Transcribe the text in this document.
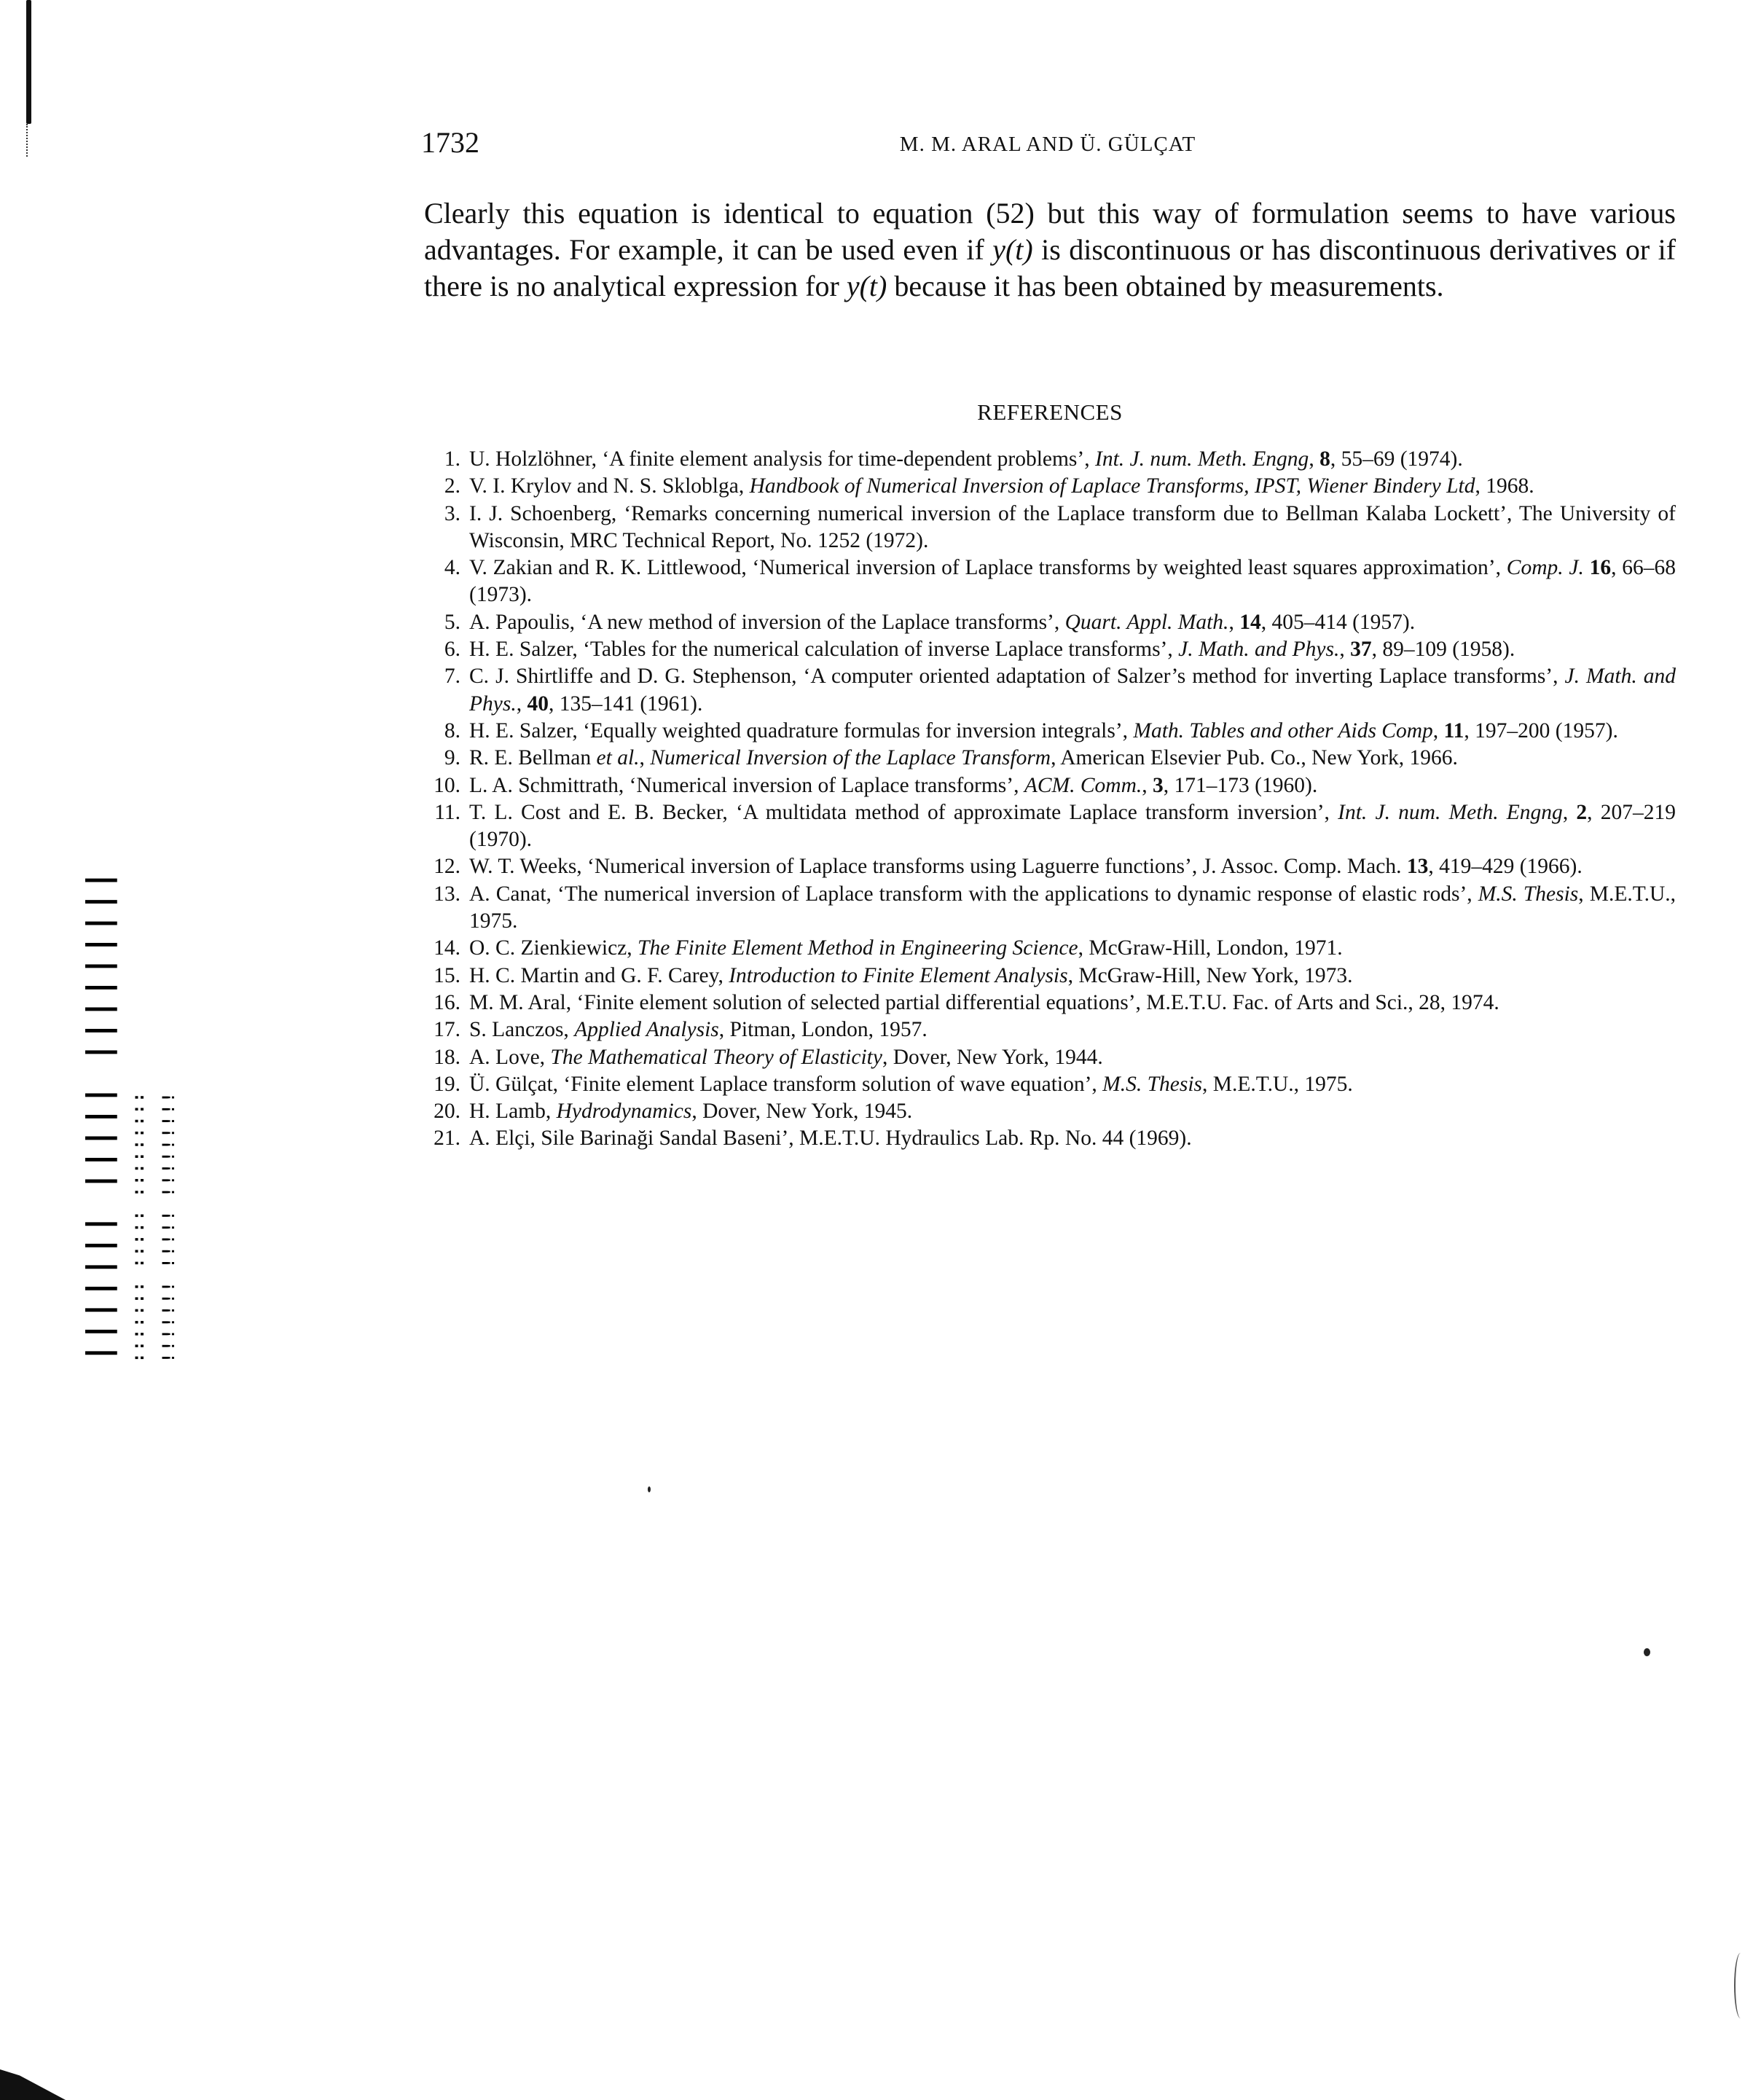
||||||| ||||| ||||||||| ::::::: ::::: ::::::::: !!!!!!! !!!!! !!!!!!!!!
1732	M. M. ARAL AND Ü. GÜLÇAT

Clearly this equation is identical to equation (52) but this way of formulation seems to have various advantages. For example, it can be used even if y(t) is discontinuous or has discontinuous derivatives or if there is no analytical expression for y(t) because it has been obtained by measurements.

REFERENCES
1. U. Holzlöhner, ‘A finite element analysis for time-dependent problems’, Int. J. num. Meth. Engng, 8, 55–69 (1974).
2. V. I. Krylov and N. S. Skloblga, Handbook of Numerical Inversion of Laplace Transforms, IPST, Wiener Bindery Ltd, 1968.
3. I. J. Schoenberg, ‘Remarks concerning numerical inversion of the Laplace transform due to Bellman Kalaba Lockett’, The University of Wisconsin, MRC Technical Report, No. 1252 (1972).
4. V. Zakian and R. K. Littlewood, ‘Numerical inversion of Laplace transforms by weighted least squares approximation’, Comp. J. 16, 66–68 (1973).
5. A. Papoulis, ‘A new method of inversion of the Laplace transforms’, Quart. Appl. Math., 14, 405–414 (1957).
6. H. E. Salzer, ‘Tables for the numerical calculation of inverse Laplace transforms’, J. Math. and Phys., 37, 89–109 (1958).
7. C. J. Shirtliffe and D. G. Stephenson, ‘A computer oriented adaptation of Salzer’s method for inverting Laplace transforms’, J. Math. and Phys., 40, 135–141 (1961).
8. H. E. Salzer, ‘Equally weighted quadrature formulas for inversion integrals’, Math. Tables and other Aids Comp, 11, 197–200 (1957).
9. R. E. Bellman et al., Numerical Inversion of the Laplace Transform, American Elsevier Pub. Co., New York, 1966.
10. L. A. Schmittrath, ‘Numerical inversion of Laplace transforms’, ACM. Comm., 3, 171–173 (1960).
11. T. L. Cost and E. B. Becker, ‘A multidata method of approximate Laplace transform inversion’, Int. J. num. Meth. Engng, 2, 207–219 (1970).
12. W. T. Weeks, ‘Numerical inversion of Laplace transforms using Laguerre functions’, J. Assoc. Comp. Mach. 13, 419–429 (1966).
13. A. Canat, ‘The numerical inversion of Laplace transform with the applications to dynamic response of elastic rods’, M.S. Thesis, M.E.T.U., 1975.
14. O. C. Zienkiewicz, The Finite Element Method in Engineering Science, McGraw-Hill, London, 1971.
15. H. C. Martin and G. F. Carey, Introduction to Finite Element Analysis, McGraw-Hill, New York, 1973.
16. M. M. Aral, ‘Finite element solution of selected partial differential equations’, M.E.T.U. Fac. of Arts and Sci., 28, 1974.
17. S. Lanczos, Applied Analysis, Pitman, London, 1957.
18. A. Love, The Mathematical Theory of Elasticity, Dover, New York, 1944.
19. Ü. Gülçat, ‘Finite element Laplace transform solution of wave equation’, M.S. Thesis, M.E.T.U., 1975.
20. H. Lamb, Hydrodynamics, Dover, New York, 1945.
21. A. Elçi, Sile Barinaği Sandal Baseni’, M.E.T.U. Hydraulics Lab. Rp. No. 44 (1969).
